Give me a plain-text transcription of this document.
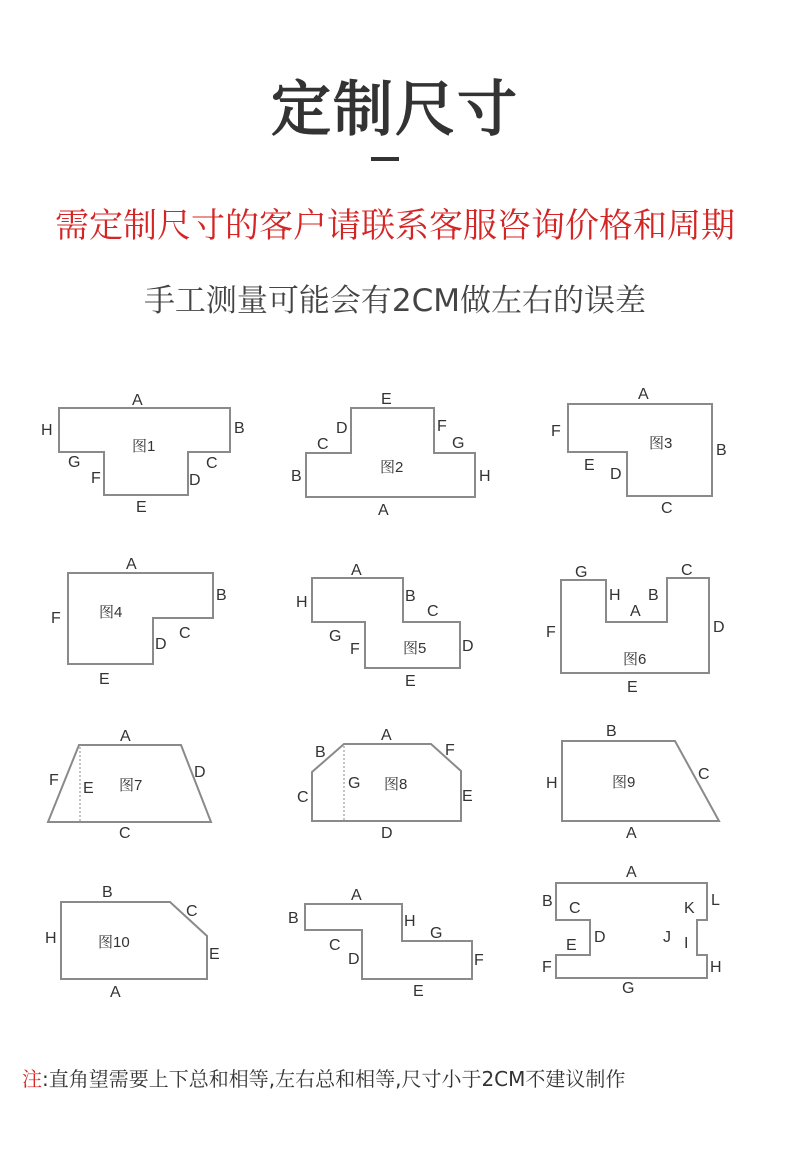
定制尺寸
需定制尺寸的客户请联系客服咨询价格和周期
手工测量可能会有2CM做左右的误差
图1
A
B
C
D
E
F
G
H
图2
E
F
G
H
A
B
C
D
图3
A
B
C
D
E
F
图4
A
B
C
D
E
F
图5
A
B
C
D
E
F
G
H
图6
G
H
A
B
C
D
E
F
图7
A
D
C
F E	图8
A
F
E
D
C
B
G	图9
B
C
A
H
图10
B
C
E
A
H
A
H
G
F
E
D
C
B
A
L
K
J I
H
G
F
E D
C
B
注:直角望需要上下总和相等,左右总和相等,尺寸小于2CM不建议制作
